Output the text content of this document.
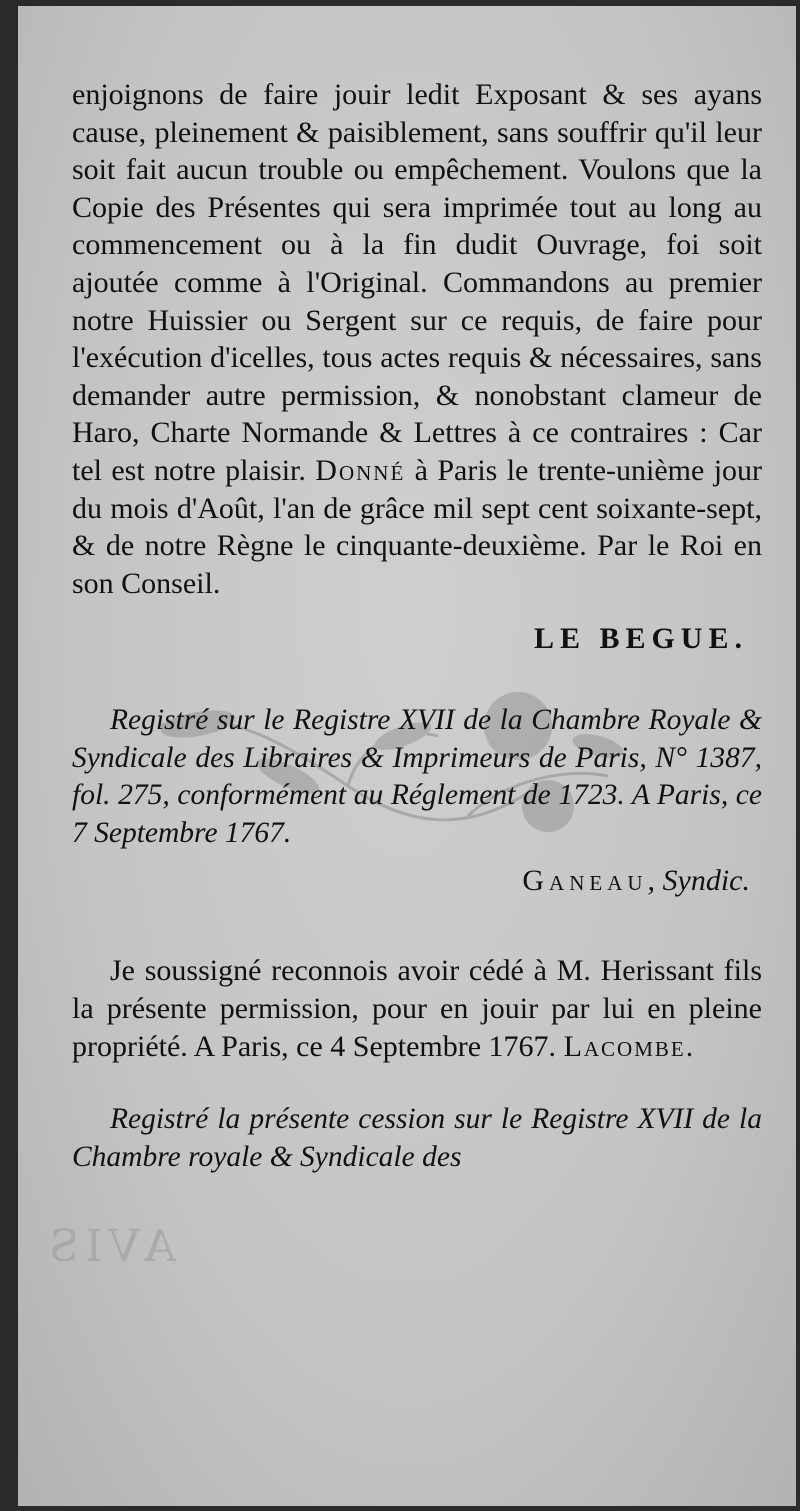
AVIS

enjoignons de faire jouir ledit Exposant & ses ayans cause, pleinement & paisiblement, sans souffrir qu'il leur soit fait aucun trouble ou empêchement. Voulons que la Copie des Présentes qui sera imprimée tout au long au commencement ou à la fin dudit Ouvrage, foi soit ajoutée comme à l'Original. Commandons au premier notre Huissier ou Sergent sur ce requis, de faire pour l'exécution d'icelles, tous actes requis & nécessaires, sans demander autre permission, & nonobstant clameur de Haro, Charte Normande & Lettres à ce contraires : Car tel est notre plaisir. Donné à Paris le trente-unième jour du mois d'Août, l'an de grâce mil sept cent soixante-sept, & de notre Règne le cinquante-deuxième. Par le Roi en son Conseil.

LE BEGUE.

Registré sur le Registre XVII de la Chambre Royale & Syndicale des Libraires & Imprimeurs de Paris, N° 1387, fol. 275, conformément au Réglement de 1723. A Paris, ce 7 Septembre 1767.

Ganeau, Syndic.

Je soussigné reconnois avoir cédé à M. Herissant fils la présente permission, pour en jouir par lui en pleine propriété. A Paris, ce 4 Septembre 1767. Lacombe.

Registré la présente cession sur le Registre XVII de la Chambre royale & Syndicale des
